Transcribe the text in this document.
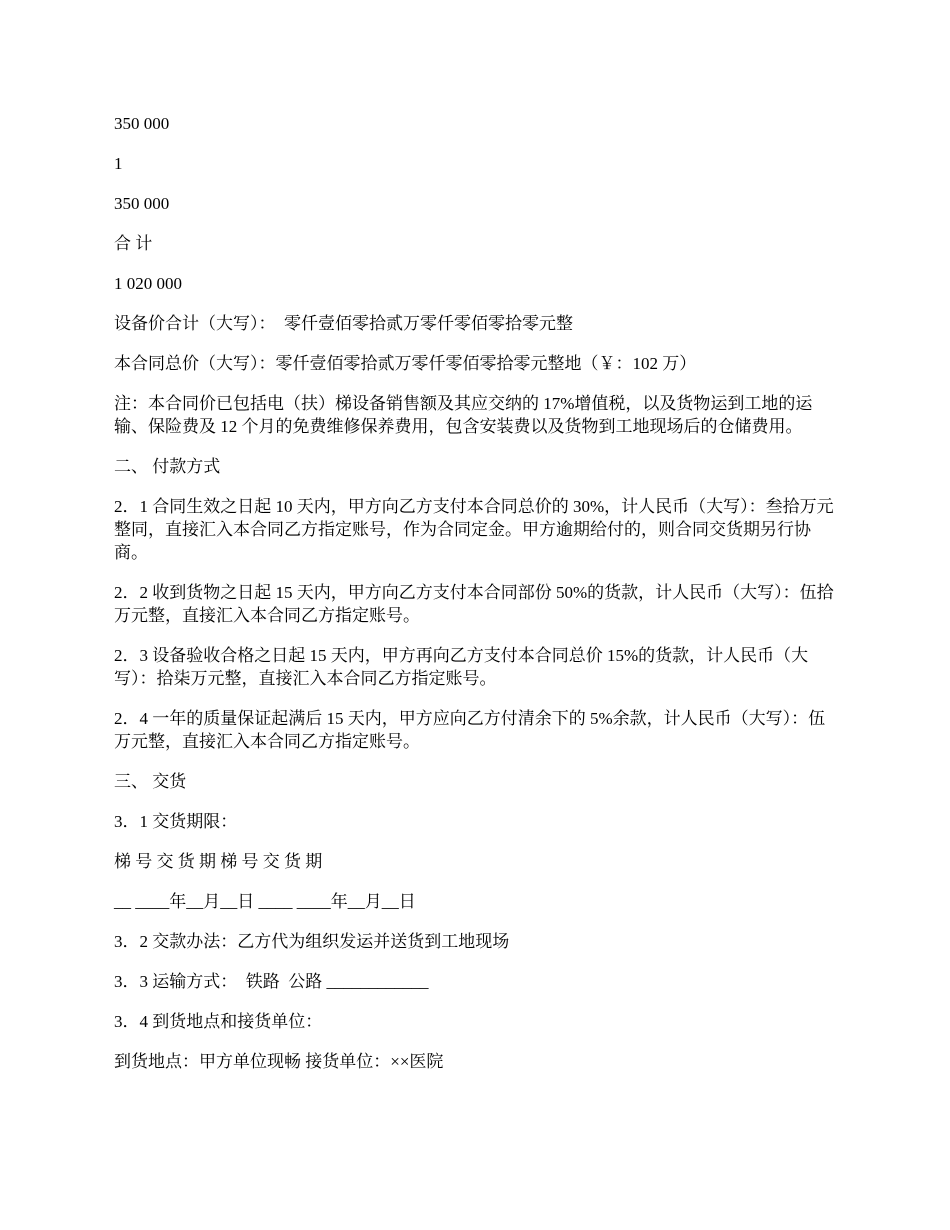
350 000

1

350 000

合 计

1 020 000

设备价合计（大写）：  零仟壹佰零拾贰万零仟零佰零拾零元整

本合同总价（大写）：零仟壹佰零拾贰万零仟零佰零拾零元整地（￥：102 万）

注：本合同价已包括电（扶）梯设备销售额及其应交纳的 17%增值税，以及货物运到工地的运输、保险费及 12 个月的免费维修保养费用，包含安装费以及货物到工地现场后的仓储费用。

二、 付款方式

2．1 合同生效之日起 10 天内，甲方向乙方支付本合同总价的 30%，计人民币（大写）：叁拾万元整同，直接汇入本合同乙方指定账号，作为合同定金。甲方逾期给付的，则合同交货期另行协商。

2．2 收到货物之日起 15 天内，甲方向乙方支付本合同部份 50%的货款，计人民币（大写）：伍拾万元整，直接汇入本合同乙方指定账号。

2．3 设备验收合格之日起 15 天内，甲方再向乙方支付本合同总价 15%的货款，计人民币（大写）：拾柒万元整，直接汇入本合同乙方指定账号。

2．4 一年的质量保证起满后 15 天内，甲方应向乙方付清余下的 5%余款，计人民币（大写）：伍万元整，直接汇入本合同乙方指定账号。

三、 交货

3．1 交货期限：

梯 号 交 货 期 梯 号 交 货 期

__ ____年__月__日 ____ ____年__月__日

3．2 交款办法：乙方代为组织发运并送货到工地现场

3．3 运输方式：  铁路  公路 ____________

3．4 到货地点和接货单位：

到货地点：甲方单位现畅 接货单位：××医院
